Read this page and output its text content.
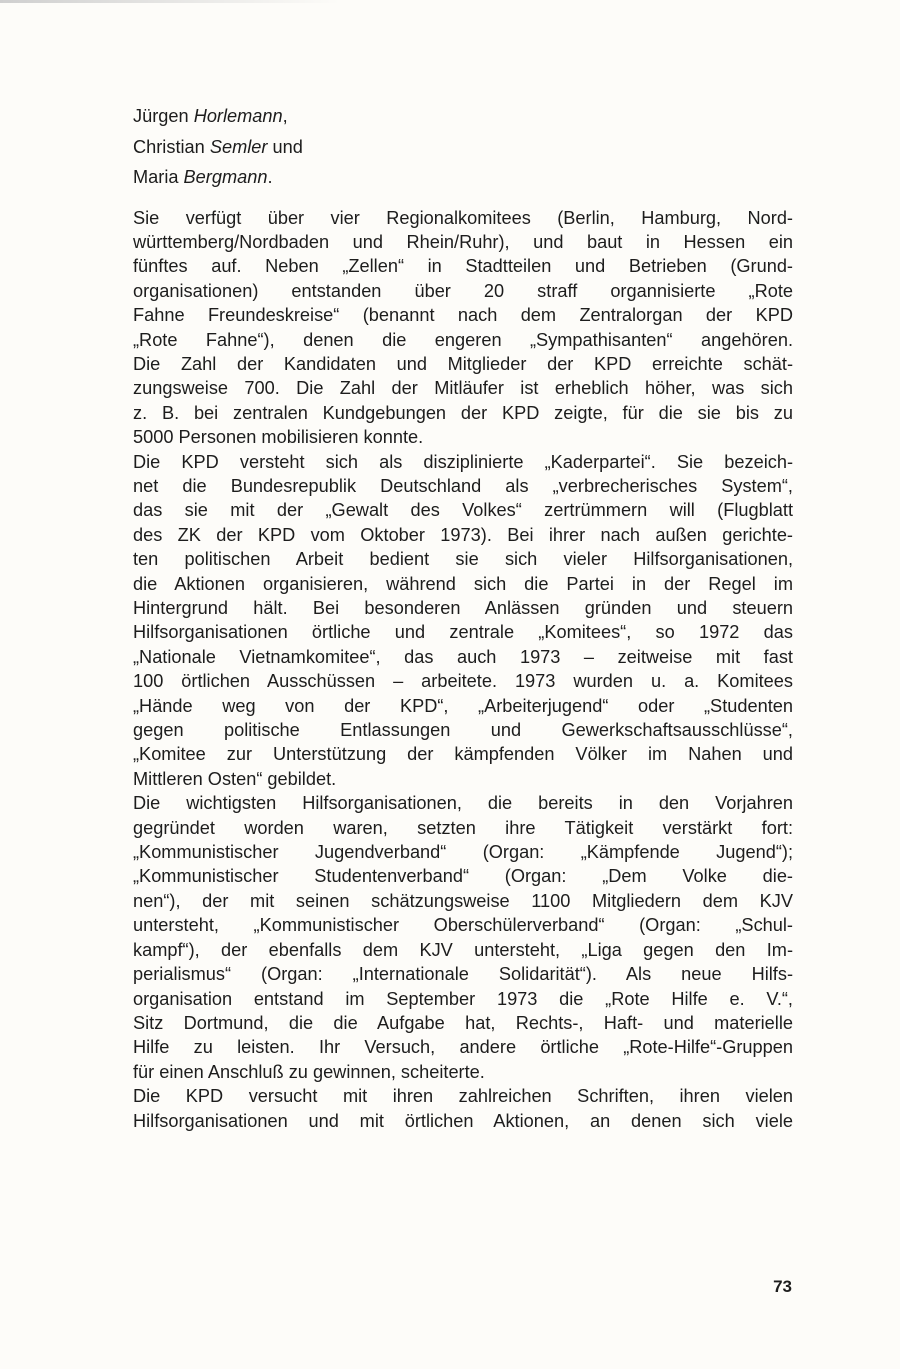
Jürgen Horlemann,

Christian Semler und

Maria Bergmann.

Sie verfügt über vier Regionalkomitees (Berlin, Hamburg, Nord-
württemberg/Nordbaden und Rhein/Ruhr), und baut in Hessen ein
fünftes auf. Neben „Zellen“ in Stadtteilen und Betrieben (Grund-
organisationen) entstanden über 20 straff organnisierte „Rote
Fahne Freundeskreise“ (benannt nach dem Zentralorgan der KPD
„Rote Fahne“), denen die engeren „Sympathisanten“ angehören.
Die Zahl der Kandidaten und Mitglieder der KPD erreichte schät-
zungsweise 700. Die Zahl der Mitläufer ist erheblich höher, was sich
z. B. bei zentralen Kundgebungen der KPD zeigte, für die sie bis zu
5000 Personen mobilisieren konnte.

Die KPD versteht sich als disziplinierte „Kaderpartei“. Sie bezeich-
net die Bundesrepublik Deutschland als „verbrecherisches System“,
das sie mit der „Gewalt des Volkes“ zertrümmern will (Flugblatt
des ZK der KPD vom Oktober 1973). Bei ihrer nach außen gerichte-
ten politischen Arbeit bedient sie sich vieler Hilfsorganisationen,
die Aktionen organisieren, während sich die Partei in der Regel im
Hintergrund hält. Bei besonderen Anlässen gründen und steuern
Hilfsorganisationen örtliche und zentrale „Komitees“, so 1972 das
„Nationale Vietnamkomitee“, das auch 1973 – zeitweise mit fast
100 örtlichen Ausschüssen – arbeitete. 1973 wurden u. a. Komitees
„Hände weg von der KPD“, „Arbeiterjugend“ oder „Studenten
gegen politische Entlassungen und Gewerkschaftsausschlüsse“,
„Komitee zur Unterstützung der kämpfenden Völker im Nahen und
Mittleren Osten“ gebildet.

Die wichtigsten Hilfsorganisationen, die bereits in den Vorjahren
gegründet worden waren, setzten ihre Tätigkeit verstärkt fort:
„Kommunistischer Jugendverband“ (Organ: „Kämpfende Jugend“);
„Kommunistischer Studentenverband“ (Organ: „Dem Volke die-
nen“), der mit seinen schätzungsweise 1100 Mitgliedern dem KJV
untersteht, „Kommunistischer Oberschülerverband“ (Organ: „Schul-
kampf“), der ebenfalls dem KJV untersteht, „Liga gegen den Im-
perialismus“ (Organ: „Internationale Solidarität“). Als neue Hilfs-
organisation entstand im September 1973 die „Rote Hilfe e. V.“,
Sitz Dortmund, die die Aufgabe hat, Rechts-, Haft- und materielle
Hilfe zu leisten. Ihr Versuch, andere örtliche „Rote-Hilfe“-Gruppen
für einen Anschluß zu gewinnen, scheiterte.

Die KPD versucht mit ihren zahlreichen Schriften, ihren vielen
Hilfsorganisationen und mit örtlichen Aktionen, an denen sich viele

73
